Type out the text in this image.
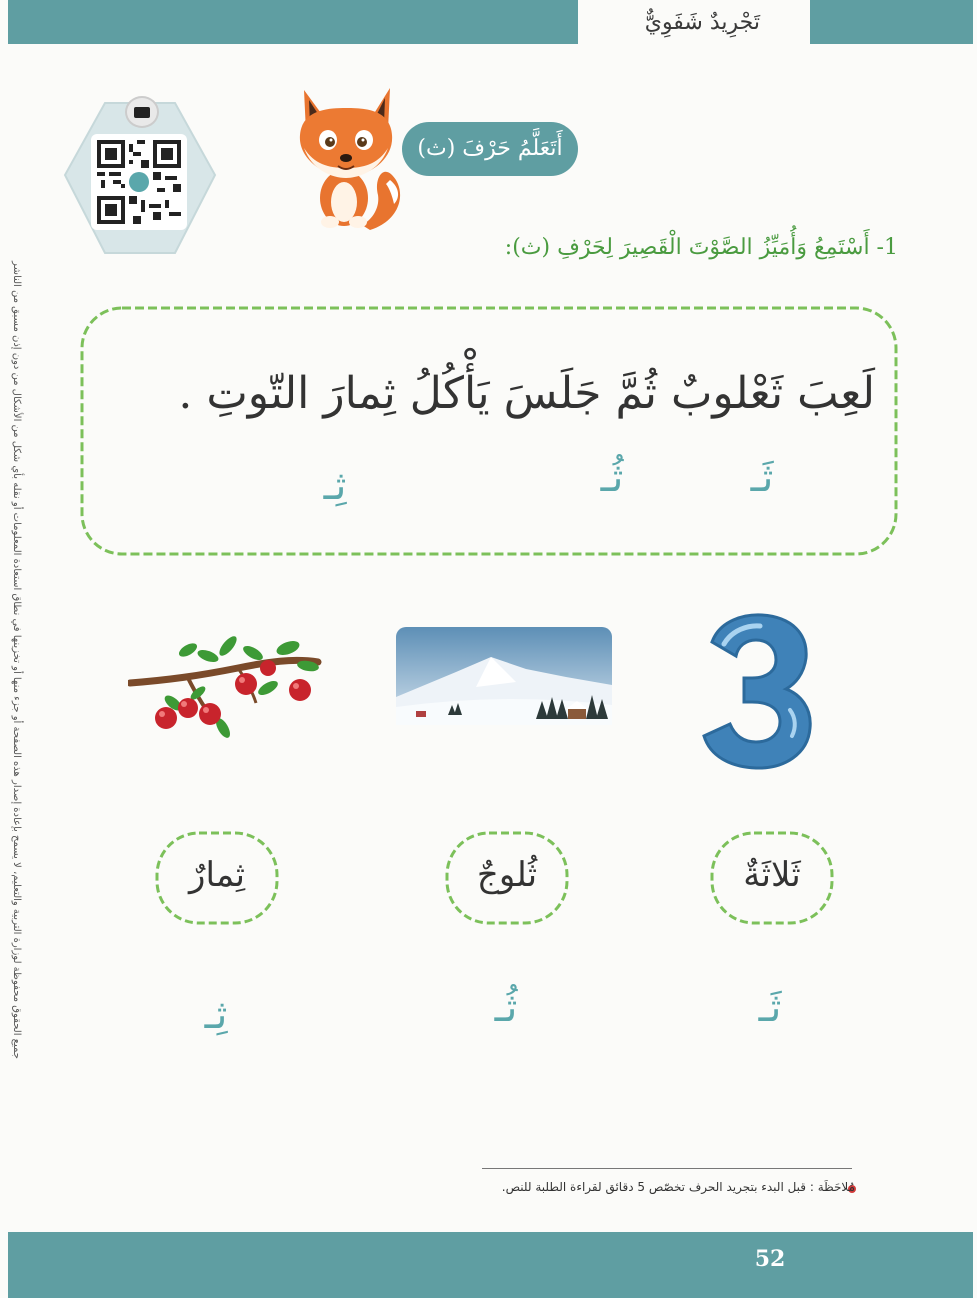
تَجْرِيدٌ شَفَوِيٌّ
52
جميع الحقوق محفوظة لوزارة التربية والتعليم، لا يسمح بإعادة إصدار هذه الصفحة أو جزء منها أو تخزينها في نطاق استعادة المعلومات أو نقله بأي شكل من الأشكال من دون إذن مسبق من الناشر
أَتَعَلَّمُ حَرْفَ (ث)
1- أَسْتَمِعُ وَأُمَيِّزُ الصَّوْتَ الْقَصِيرَ لِحَرْفِ (ث):
لَعِبَ ثَعْلوبٌ ثُمَّ جَلَسَ يَأْكُلُ ثِمارَ التّوتِ .
ثَـ
ثُـ
ثِـ
ثَلاثَةٌ
ثُلوجٌ
ثِمارٌ
ثَـ
ثُـ
ثِـ
مُلاحَظَة : قبل البدء بتجريد الحرف تخصّص 5 دقائق لقراءة الطلبة للنص.
